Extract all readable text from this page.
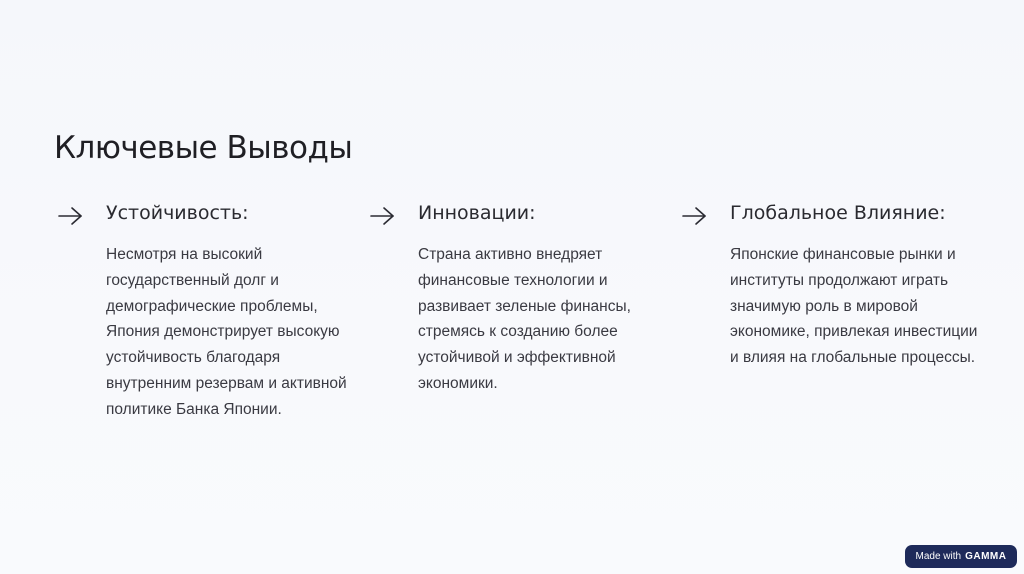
Ключевые Выводы
Устойчивость:

Несмотря на высокий государственный долг и демографические проблемы, Япония демонстрирует высокую устойчивость благодаря внутренним резервам и активной политике Банка Японии.

Инновации:

Страна активно внедряет финансовые технологии и развивает зеленые финансы, стремясь к созданию более устойчивой и эффективной экономики.

Глобальное Влияние:

Японские финансовые рынки и институты продолжают играть значимую роль в мировой экономике, привлекая инвестиции и влияя на глобальные процессы.

Made with GAMMA
